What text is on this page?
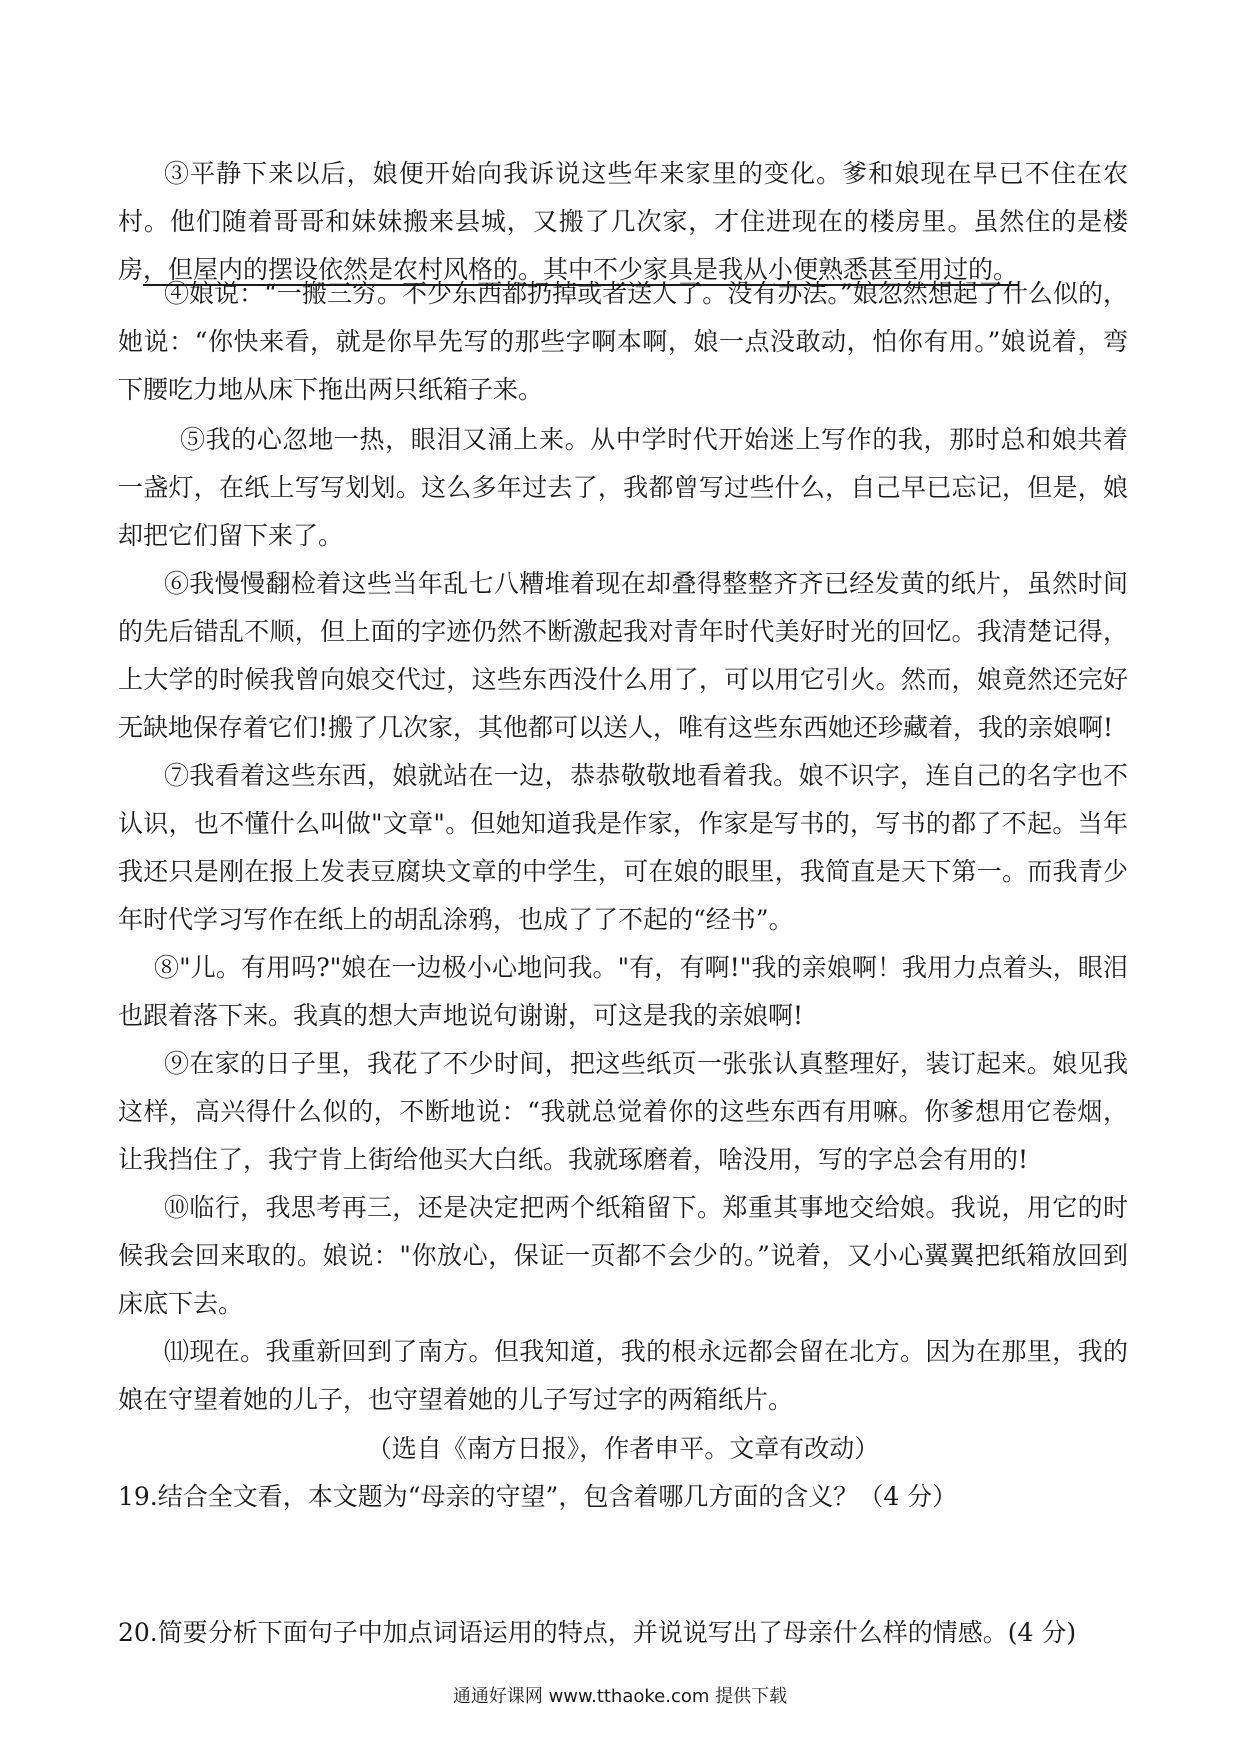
③平静下来以后，娘便开始向我诉说这些年来家里的变化。爹和娘现在早已不住在农村。他们随着哥哥和妹妹搬来县城，又搬了几次家，才住进现在的楼房里。虽然住的是楼房，但屋内的摆设依然是农村风格的。其中不少家具是我从小便熟悉甚至用过的。

④娘说：“一搬三穷。不少东西都扔掉或者送人了。没有办法。”娘忽然想起了什么似的，她说：“你快来看，就是你早先写的那些字啊本啊，娘一点没敢动，怕你有用。”娘说着，弯下腰吃力地从床下拖出两只纸箱子来。

⑤我的心忽地一热，眼泪又涌上来。从中学时代开始迷上写作的我，那时总和娘共着一盏灯，在纸上写写划划。这么多年过去了，我都曾写过些什么，自己早已忘记，但是，娘却把它们留下来了。

⑥我慢慢翻检着这些当年乱七八糟堆着现在却叠得整整齐齐已经发黄的纸片，虽然时间的先后错乱不顺，但上面的字迹仍然不断激起我对青年时代美好时光的回忆。我清楚记得，上大学的时候我曾向娘交代过，这些东西没什么用了，可以用它引火。然而，娘竟然还完好无缺地保存着它们!搬了几次家，其他都可以送人，唯有这些东西她还珍藏着，我的亲娘啊!

⑦我看着这些东西，娘就站在一边，恭恭敬敬地看着我。娘不识字，连自己的名字也不认识，也不懂什么叫做"文章"。但她知道我是作家，作家是写书的，写书的都了不起。当年我还只是刚在报上发表豆腐块文章的中学生，可在娘的眼里，我简直是天下第一。而我青少年时代学习写作在纸上的胡乱涂鸦，也成了了不起的“经书”。

⑧"儿。有用吗?"娘在一边极小心地问我。"有，有啊!"我的亲娘啊！我用力点着头，眼泪也跟着落下来。我真的想大声地说句谢谢，可这是我的亲娘啊!

⑨在家的日子里，我花了不少时间，把这些纸页一张张认真整理好，装订起来。娘见我这样，高兴得什么似的，不断地说：“我就总觉着你的这些东西有用嘛。你爹想用它卷烟，让我挡住了，我宁肯上街给他买大白纸。我就琢磨着，啥没用，写的字总会有用的!

⑩临行，我思考再三，还是决定把两个纸箱留下。郑重其事地交给娘。我说，用它的时候我会回来取的。娘说："你放心，保证一页都不会少的。”说着，又小心翼翼把纸箱放回到床底下去。

⑾现在。我重新回到了南方。但我知道，我的根永远都会留在北方。因为在那里，我的娘在守望着她的儿子，也守望着她的儿子写过字的两箱纸片。

（选自《南方日报》，作者申平。文章有改动）

19.结合全文看，本文题为“母亲的守望”，包含着哪几方面的含义？（4 分）

20.简要分析下面句子中加点词语运用的特点，并说说写出了母亲什么样的情感。(4 分)

通通好课网 www.tthaoke.com 提供下载
